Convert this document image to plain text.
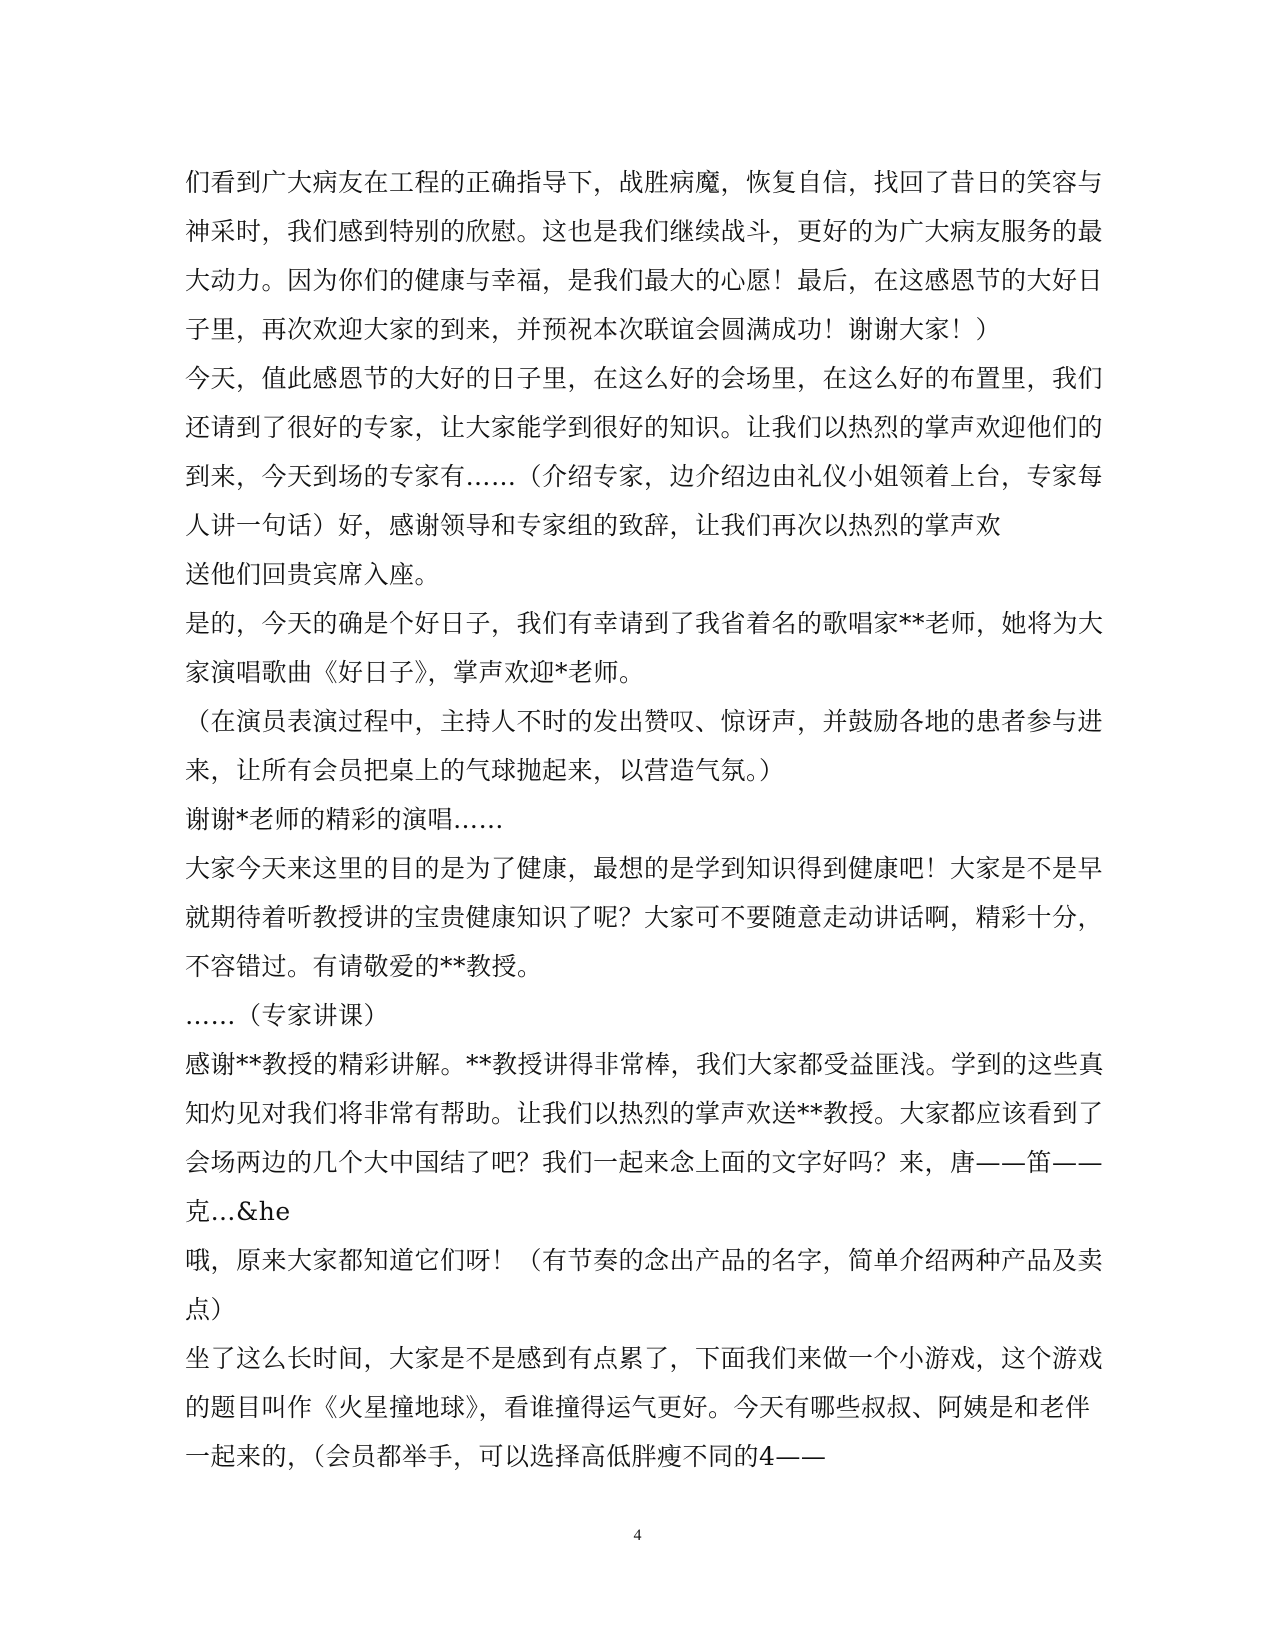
们看到广大病友在工程的正确指导下，战胜病魔，恢复自信，找回了昔日的笑容与
神采时，我们感到特别的欣慰。这也是我们继续战斗，更好的为广大病友服务的最
大动力。因为你们的健康与幸福，是我们最大的心愿！最后，在这感恩节的大好日
子里，再次欢迎大家的到来，并预祝本次联谊会圆满成功！谢谢大家！）
今天，值此感恩节的大好的日子里，在这么好的会场里，在这么好的布置里，我们
还请到了很好的专家，让大家能学到很好的知识。让我们以热烈的掌声欢迎他们的
到来，今天到场的专家有……（介绍专家，边介绍边由礼仪小姐领着上台，专家每
人讲一句话）好，感谢领导和专家组的致辞，让我们再次以热烈的掌声欢
送他们回贵宾席入座。
是的，今天的确是个好日子，我们有幸请到了我省着名的歌唱家**老师，她将为大
家演唱歌曲《好日子》，掌声欢迎*老师。
（在演员表演过程中，主持人不时的发出赞叹、惊讶声，并鼓励各地的患者参与进
来，让所有会员把桌上的气球抛起来，以营造气氛。）
谢谢*老师的精彩的演唱……
大家今天来这里的目的是为了健康，最想的是学到知识得到健康吧！大家是不是早
就期待着听教授讲的宝贵健康知识了呢？大家可不要随意走动讲话啊，精彩十分，
不容错过。有请敬爱的**教授。
……（专家讲课）
感谢**教授的精彩讲解。**教授讲得非常棒，我们大家都受益匪浅。学到的这些真
知灼见对我们将非常有帮助。让我们以热烈的掌声欢送**教授。大家都应该看到了
会场两边的几个大中国结了吧？我们一起来念上面的文字好吗？来，唐——笛——
克…&he
哦，原来大家都知道它们呀！（有节奏的念出产品的名字，简单介绍两种产品及卖
点）
坐了这么长时间，大家是不是感到有点累了，下面我们来做一个小游戏，这个游戏
的题目叫作《火星撞地球》，看谁撞得运气更好。今天有哪些叔叔、阿姨是和老伴
一起来的，（会员都举手，可以选择高低胖瘦不同的4——
4
